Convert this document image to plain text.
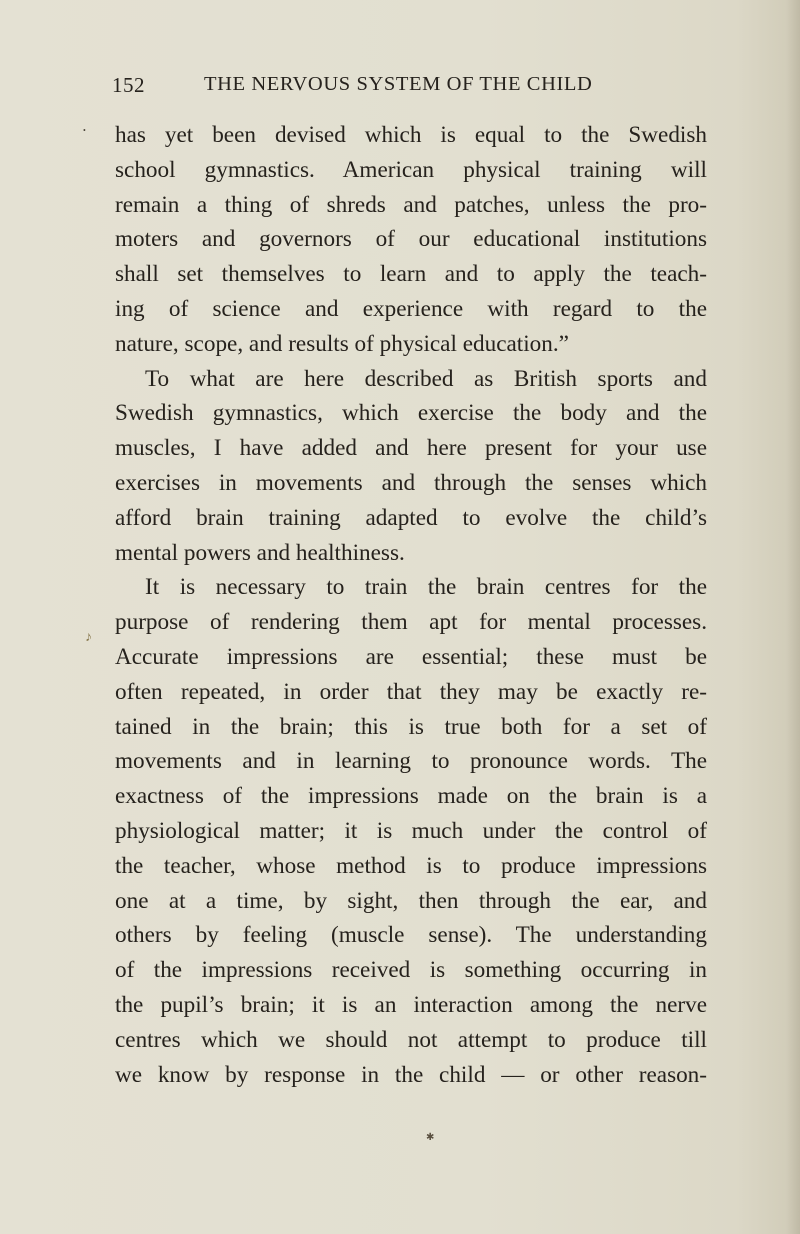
152	THE NERVOUS SYSTEM OF THE CHILD
•
♪
✱
has yet been devised which is equal to the Swedish
school gymnastics. American physical training will
remain a thing of shreds and patches, unless the pro-
moters and governors of our educational institutions
shall set themselves to learn and to apply the teach-
ing of science and experience with regard to the
nature, scope, and results of physical education.”
To what are here described as British sports and
Swedish gymnastics, which exercise the body and the
muscles, I have added and here present for your use
exercises in movements and through the senses which
afford brain training adapted to evolve the child’s
mental powers and healthiness.
It is necessary to train the brain centres for the
purpose of rendering them apt for mental processes.
Accurate impressions are essential; these must be
often repeated, in order that they may be exactly re-
tained in the brain; this is true both for a set of
movements and in learning to pronounce words. The
exactness of the impressions made on the brain is a
physiological matter; it is much under the control of
the teacher, whose method is to produce impressions
one at a time, by sight, then through the ear, and
others by feeling (muscle sense). The understanding
of the impressions received is something occurring in
the pupil’s brain; it is an interaction among the nerve
centres which we should not attempt to produce till
we know by response in the child — or other reason-
